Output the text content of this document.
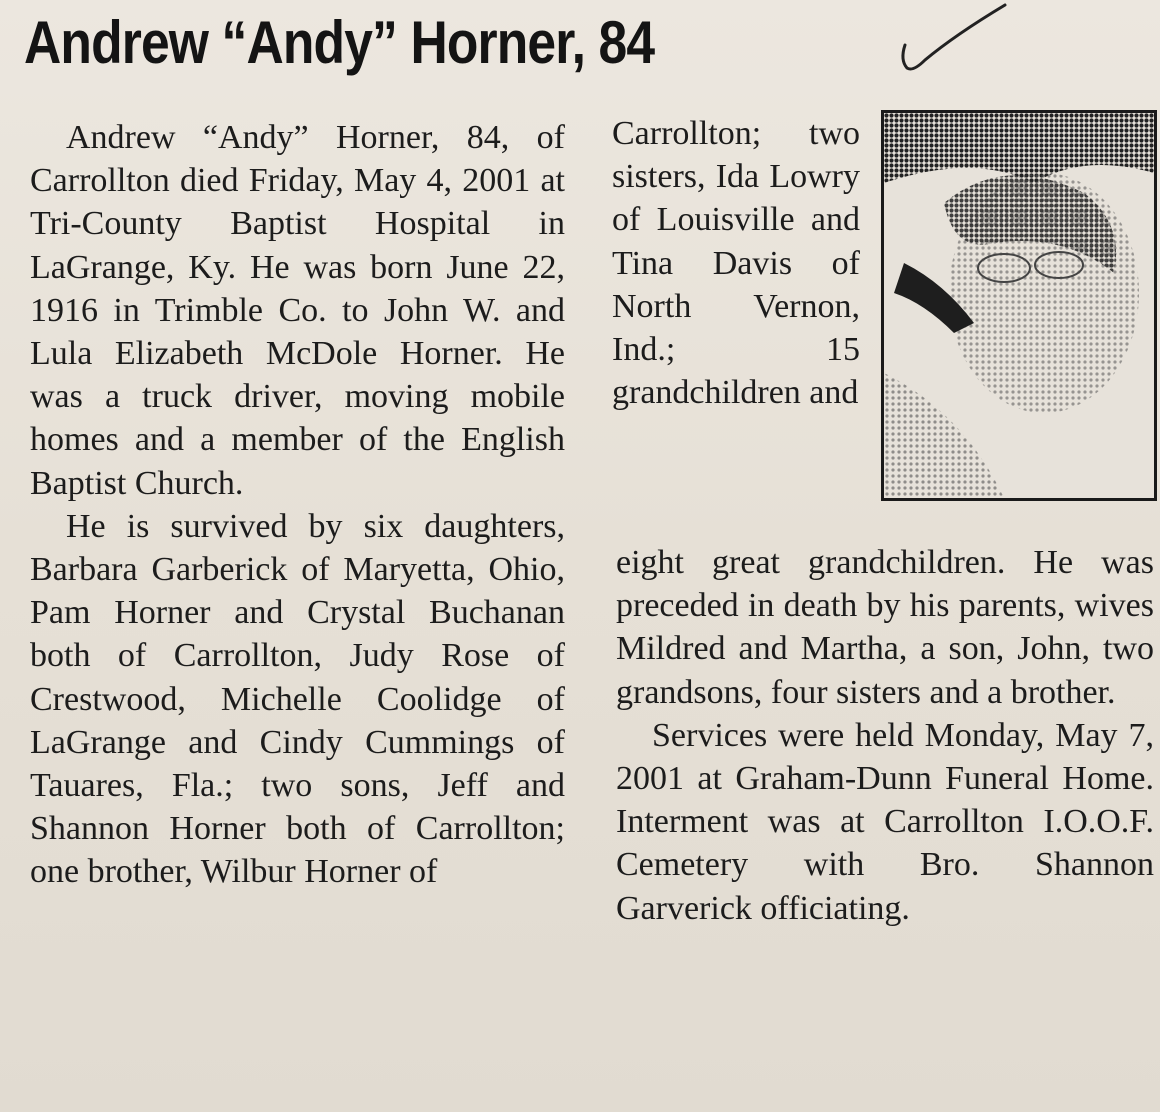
Andrew “Andy” Horner, 84

Andrew “Andy” Horner, 84, of Carrollton died Friday, May 4, 2001 at Tri-County Baptist Hospital in LaGrange, Ky. He was born June 22, 1916 in Trimble Co. to John W. and Lula Elizabeth McDole Horner. He was a truck driver, moving mobile homes and a member of the English Baptist Church.

He is survived by six daughters, Barbara Garberick of Maryetta, Ohio, Pam Horner and Crystal Buchanan both of Carrollton, Judy Rose of Crestwood, Michelle Coolidge of LaGrange and Cindy Cummings of Tauares, Fla.; two sons, Jeff and Shannon Horner both of Carrollton; one brother, Wilbur Horner of

Carrollton; two sisters, Ida Lowry of Louisville and Tina Davis of North Vernon, Ind.; 15 grandchildren and

eight great grandchildren. He was preceded in death by his parents, wives Mildred and Martha, a son, John, two grandsons, four sisters and a brother.

Services were held Monday, May 7, 2001 at Graham-Dunn Funeral Home. Interment was at Carrollton I.O.O.F. Cemetery with Bro. Shannon Garverick officiating.
